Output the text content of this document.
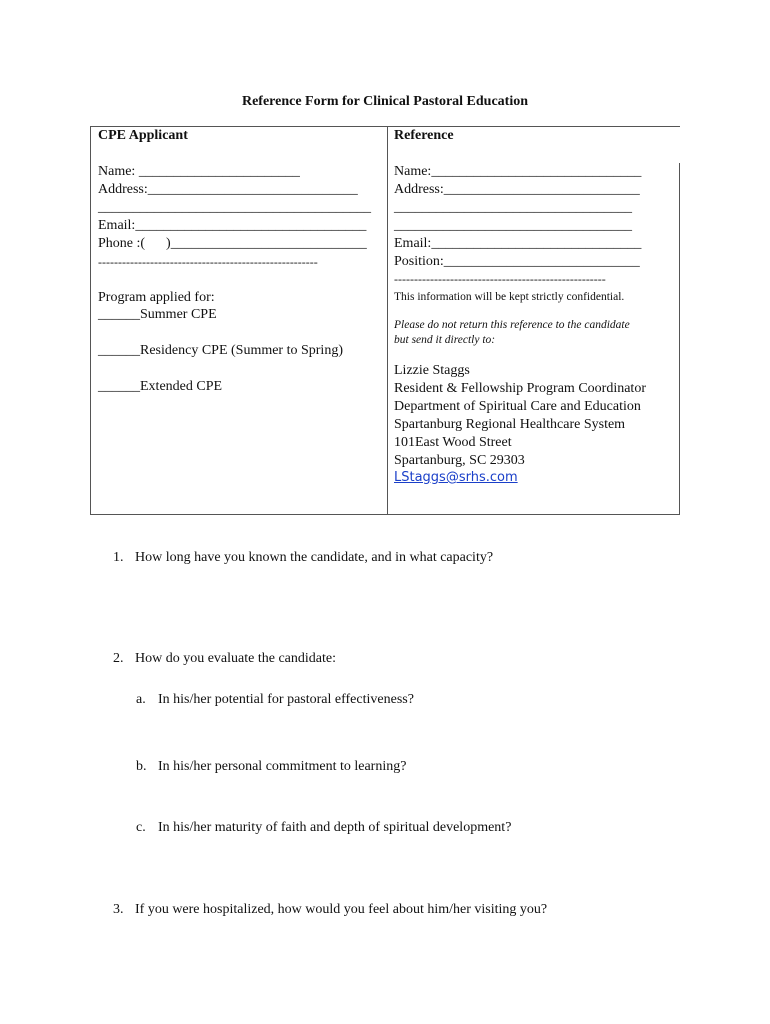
Reference Form for Clinical Pastoral Education
CPE Applicant
Name: _______________________
Address:______________________________
_______________________________________
Email:_________________________________
Phone :(      )____________________________
-------------------------------------------------------
Program applied for:
______Summer CPE
______Residency CPE (Summer to Spring)
______Extended CPE
Reference
Name:______________________________
Address:____________________________
__________________________________
__________________________________
Email:______________________________
Position:____________________________
-----------------------------------------------------
This information will be kept strictly confidential.
Please do not return this reference to the candidate
but send it directly to:
Lizzie Staggs
Resident & Fellowship Program Coordinator
Department of Spiritual Care and Education
Spartanburg Regional Healthcare System
101East Wood Street
Spartanburg, SC 29303
LStaggs@srhs.com
1. How long have you known the candidate, and in what capacity?
2. How do you evaluate the candidate:
a. In his/her potential for pastoral effectiveness?
b. In his/her personal commitment to learning?
c. In his/her maturity of faith and depth of spiritual development?
3. If you were hospitalized, how would you feel about him/her visiting you?
